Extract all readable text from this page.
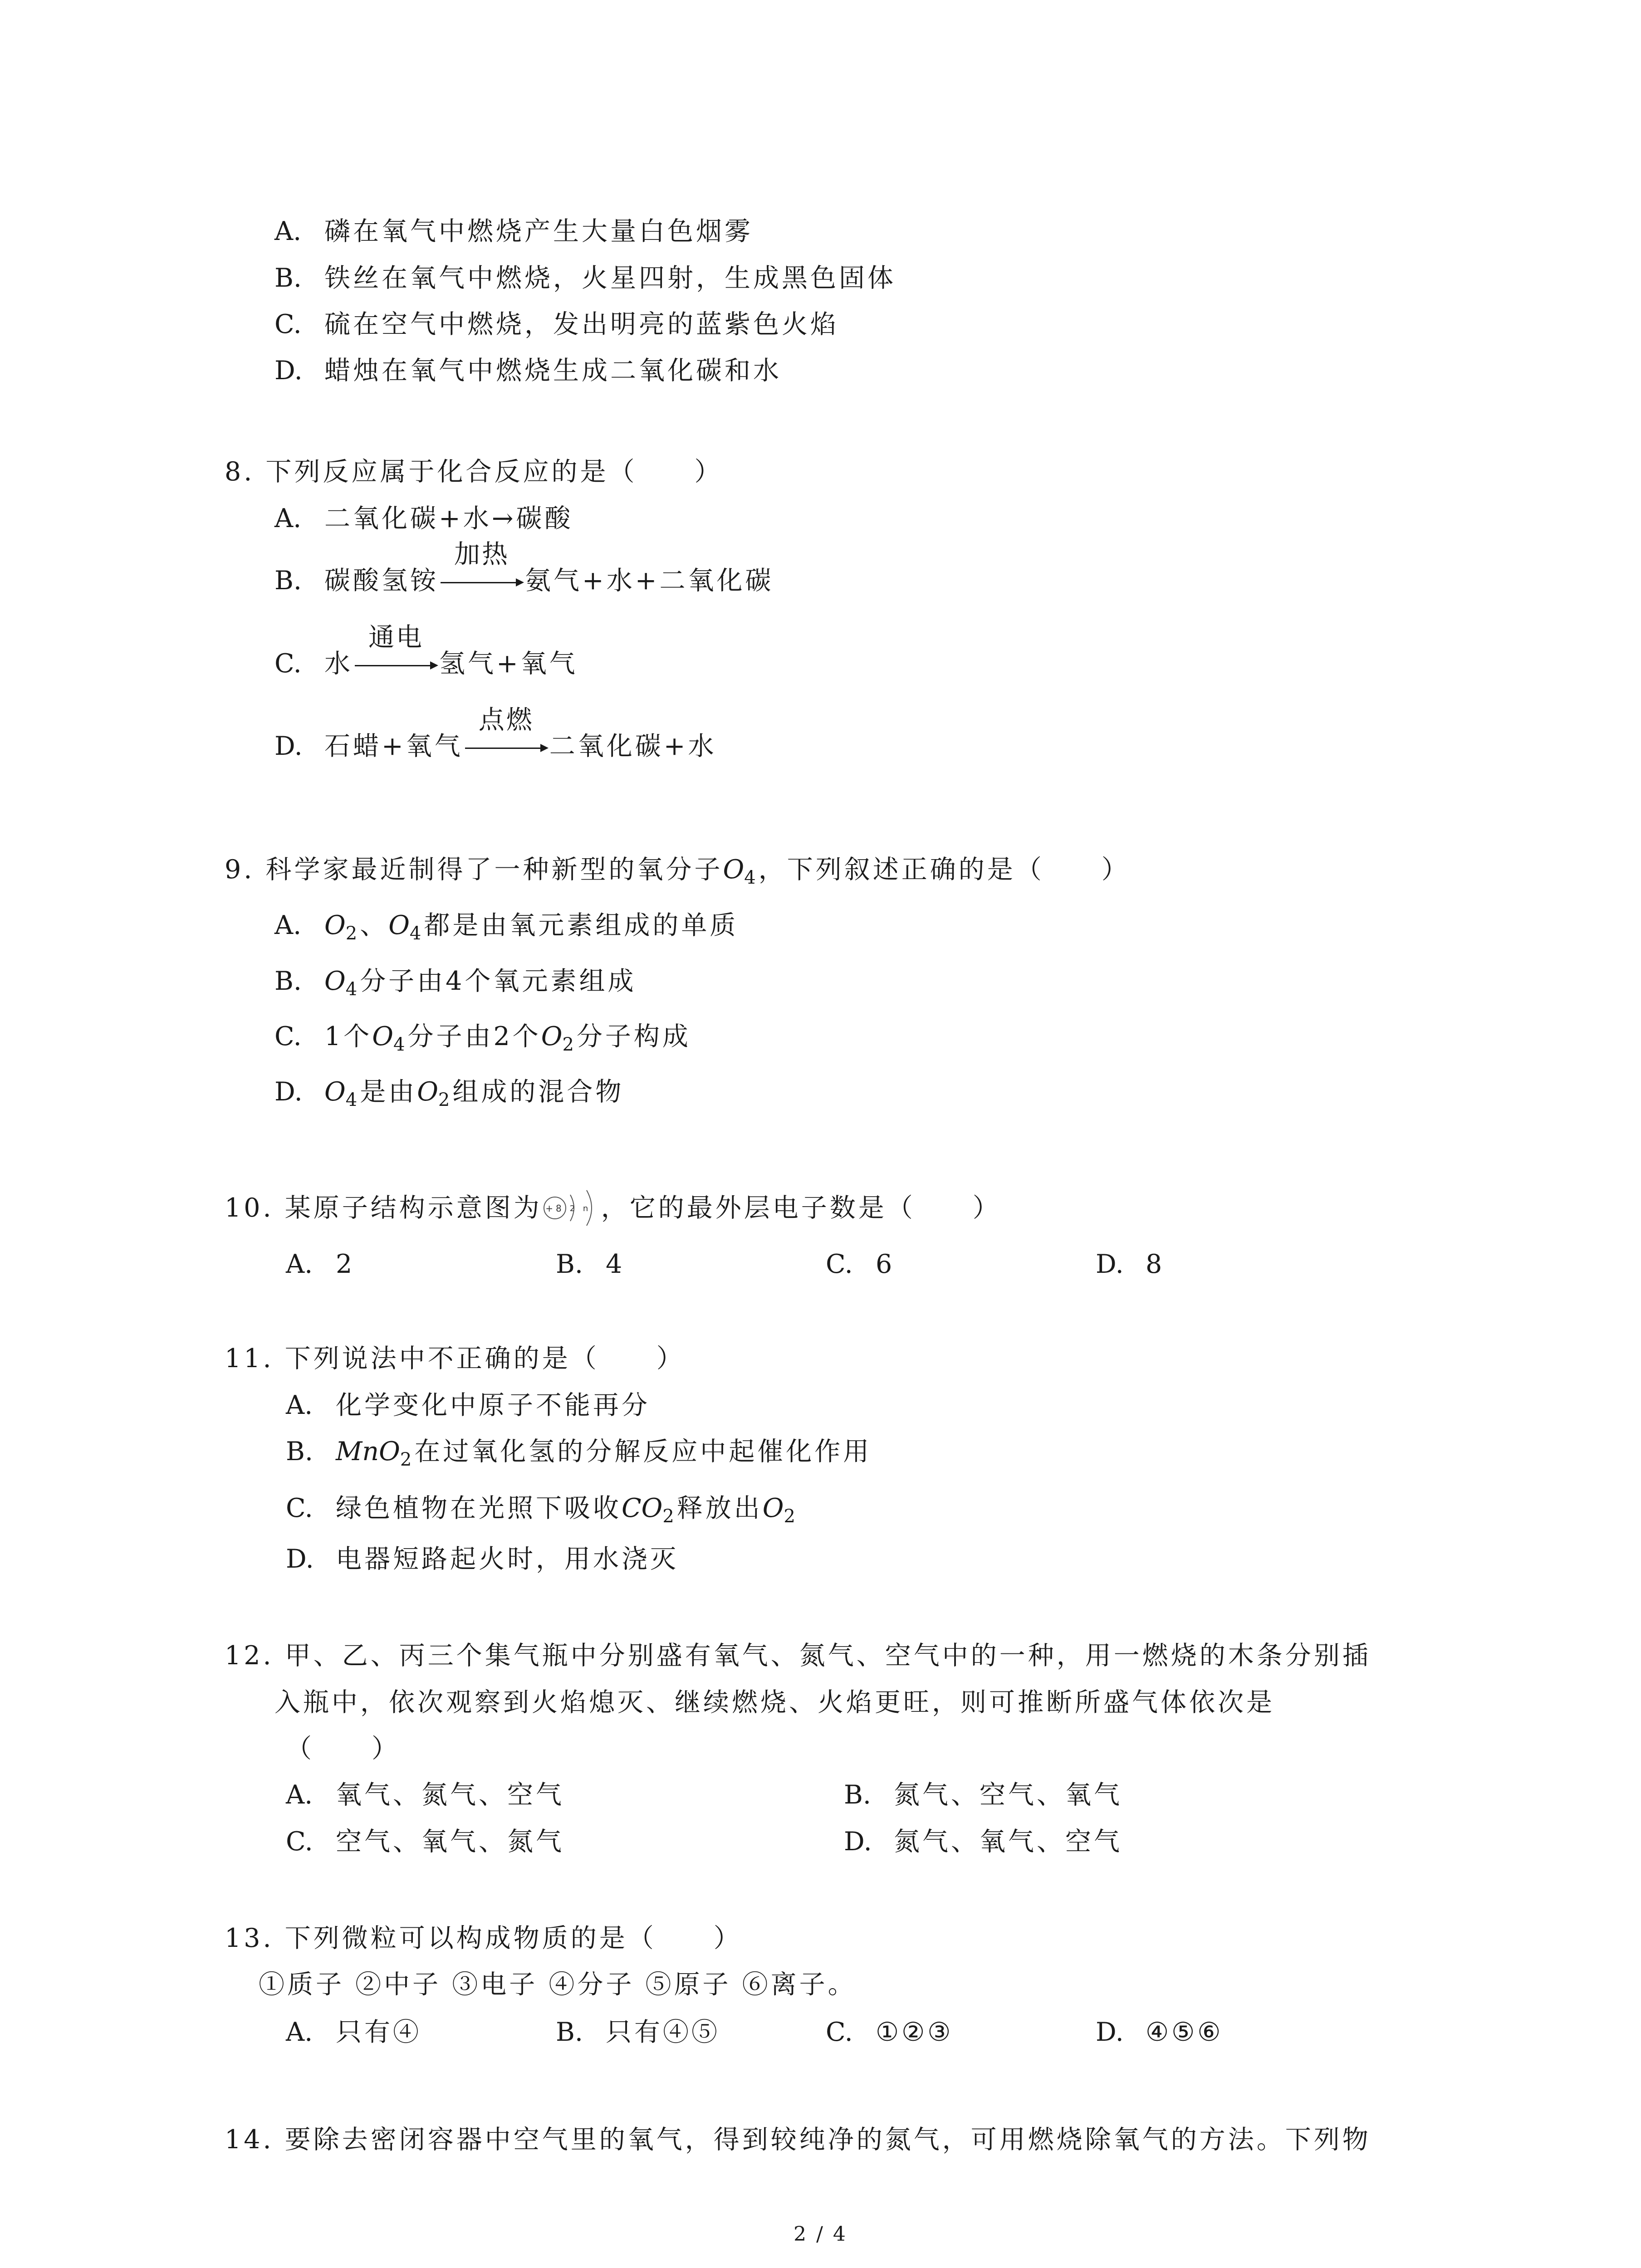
A. 磷在氧气中燃烧产生大量白色烟雾
B. 铁丝在氧气中燃烧，火星四射，生成黑色固体
C. 硫在空气中燃烧，发出明亮的蓝紫色火焰
D. 蜡烛在氧气中燃烧生成二氧化碳和水
8. 下列反应属于化合反应的是（　　）
A. 二氧化碳+水→碳酸
B. 碳酸氢铵
加热
氨气+水+二氧化碳
C. 水
通电
氢气+氧气
D. 石蜡+氧气
点燃
二氧化碳+水
9. 科学家最近制得了一种新型的氧分子$O_4$，下列叙述正确的是（　　）
A. $O_2$、$O_4$都是由氧元素组成的单质
B. $O_4$分子由4个氧元素组成
C. 1个$O_4$分子由2个$O_2$分子构成
D. $O_4$是由$O_2$组成的混合物
10. 某原子结构示意图为 +8 2 n ，它的最外层电子数是（　　）
A. 2	B. 4	C. 6	D. 8
11. 下列说法中不正确的是（　　）
A. 化学变化中原子不能再分
B. MnO$_2$在过氧化氢的分解反应中起催化作用
C. 绿色植物在光照下吸收$CO_2$释放出$O_2$
D. 电器短路起火时，用水浇灭
12. 甲、乙、丙三个集气瓶中分别盛有氧气、氮气、空气中的一种，用一燃烧的木条分别插
入瓶中，依次观察到火焰熄灭、继续燃烧、火焰更旺，则可推断所盛气体依次是
（　　）
A. 氧气、氮气、空气	B. 氮气、空气、氧气
C. 空气、氧气、氮气	D. 氮气、氧气、空气
13. 下列微粒可以构成物质的是（　　）
①质子 ②中子 ③电子 ④分子 ⑤原子 ⑥离子。
A. 只有④	B. 只有④⑤	C. ①②③	D. ④⑤⑥
14. 要除去密闭容器中空气里的氧气，得到较纯净的氮气，可用燃烧除氧气的方法。下列物
2 / 4
